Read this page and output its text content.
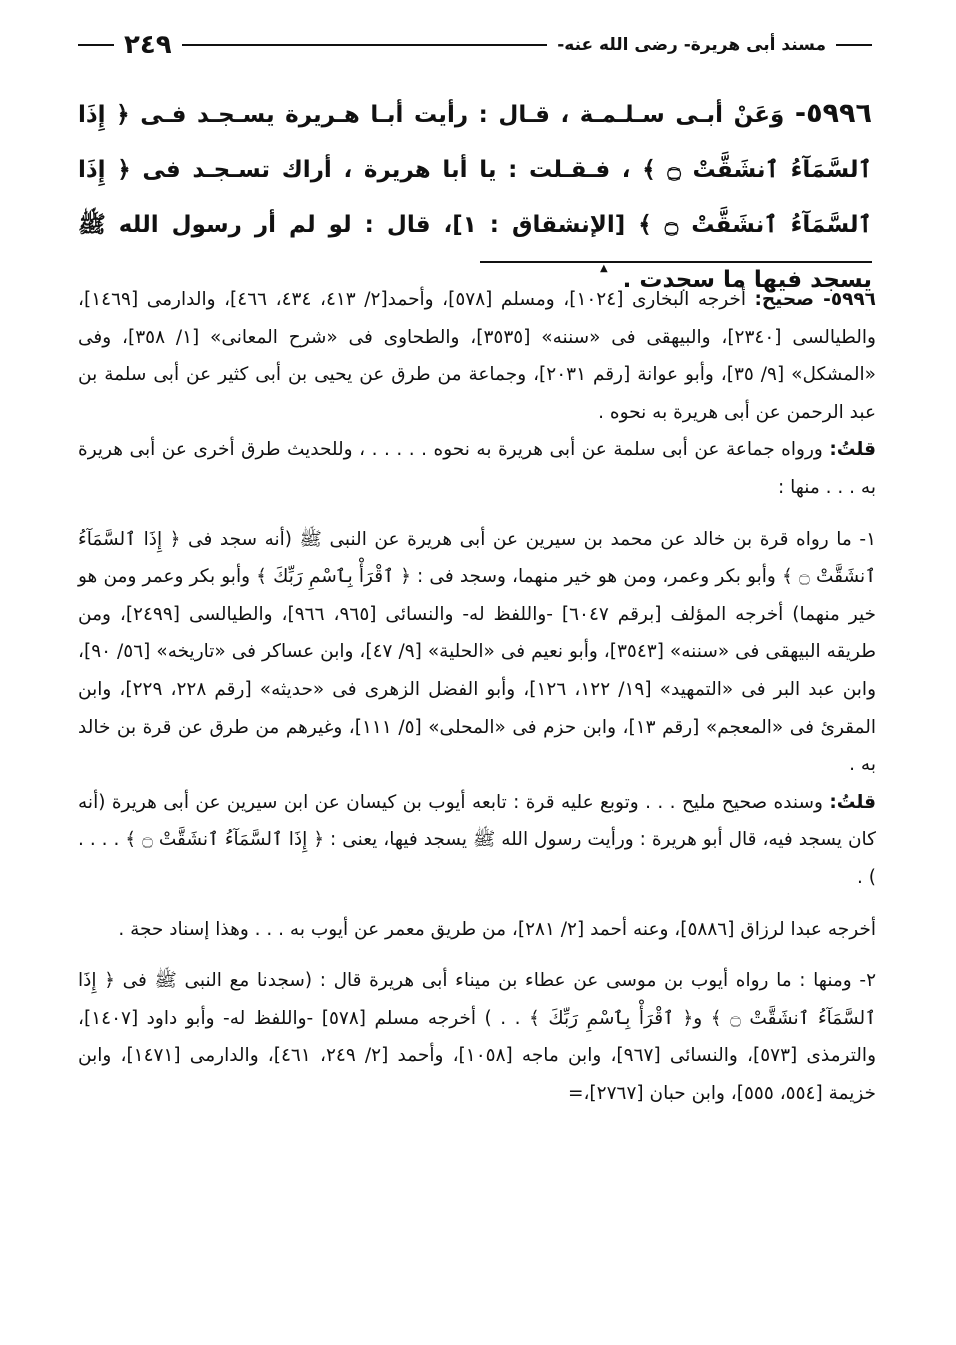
مسند أبى هريرة- رضى الله عنه-
٢٤٩
٥٩٩٦- وَعَنْ أبـى سـلـمـة ، قـال : رأيت أبـا هـريرة يسـجـد فـى ﴿ إِذَا ٱلسَّمَآءُ ٱنشَقَّتْ ۝ ﴾ ، فـقـلت : يا أبا هريرة ، أراك تسـجـد فى ﴿ إِذَا ٱلسَّمَآءُ ٱنشَقَّتْ ۝ ﴾ [الإنشقاق : ١]، قال : لو لم أر رسول الله ﷺ يسجد فيها ما سجدت .
▲

٥٩٩٦- صحيح: أخرجه البخارى [١٠٢٤]، ومسلم [٥٧٨]، وأحمد[٢/ ٤١٣، ٤٣٤، ٤٦٦]، والدارمى [١٤٦٩]، والطيالسى [٢٣٤٠]، والبيهقى فى «سننه» [٣٥٣٥]، والطحاوى فى «شرح المعانى» [١/ ٣٥٨]، وفى «المشكل» [٩/ ٣٥]، وأبو عوانة [رقم ٢٠٣١]، وجماعة من طرق عن يحيى بن أبى كثير عن أبى سلمة بن عبد الرحمن عن أبى هريرة به نحوه .

قلتُ: ورواه جماعة عن أبى سلمة عن أبى هريرة به نحوه . . . . . ، وللحديث طرق أخرى عن أبى هريرة به . . . منها :

١- ما رواه قرة بن خالد عن محمد بن سيرين عن أبى هريرة عن النبى ﷺ (أنه سجد فى ﴿ إِذَا ٱلسَّمَآءُ ٱنشَقَّتْ ۝ ﴾ وأبو بكر وعمر، ومن هو خير منهما، وسجد فى : ﴿ ٱقْرَأْ بِٱسْمِ رَبِّكَ ﴾ وأبو بكر وعمر ومن هو خير منهما) أخرجه المؤلف [برقم ٦٠٤٧] -واللفظ له- والنسائى [٩٦٥، ٩٦٦]، والطيالسى [٢٤٩٩]، ومن طريقه البيهقى فى «سننه» [٣٥٤٣]، وأبو نعيم فى «الحلية» [٩/ ٤٧]، وابن عساكر فى «تاريخه» [٥٦/ ٩٠]، وابن عبد البر فى «التمهيد» [١٩/ ١٢٢، ١٢٦]، وأبو الفضل الزهرى فى «حديثه» [رقم ٢٢٨، ٢٢٩]، وابن المقرئ فى «المعجم» [رقم ١٣]، وابن حزم فى «المحلى» [٥/ ١١١]، وغيرهم من طرق عن قرة بن خالد به .

قلتُ: وسنده صحيح مليح . . . وتوبع عليه قرة : تابعه أيوب بن كيسان عن ابن سيرين عن أبى هريرة (أنه كان يسجد فيه، قال أبو هريرة : ورأيت رسول الله ﷺ يسجد فيها، يعنى : ﴿ إِذَا ٱلسَّمَآءُ ٱنشَقَّتْ ۝ ﴾ . . . . ) .

أخرجه عبدا لرزاق [٥٨٨٦]، وعنه أحمد [٢/ ٢٨١]، من طريق معمر عن أيوب به . . . وهذا إسناد حجة .

٢- ومنها : ما رواه أيوب بن موسى عن عطاء بن ميناء أبى هريرة قال : (سجدنا مع النبى ﷺ فى ﴿ إِذَا ٱلسَّمَآءُ ٱنشَقَّتْ ۝ ﴾ و﴿ ٱقْرَأْ بِٱسْمِ رَبِّكَ ﴾ . . ) أخرجه مسلم [٥٧٨] -واللفظ له- وأبو داود [١٤٠٧]، والترمذى [٥٧٣]، والنسائى [٩٦٧]، وابن ماجه [١٠٥٨]، وأحمد [٢/ ٢٤٩، ٤٦١]، والدارمى [١٤٧١]، وابن خزيمة [٥٥٤، ٥٥٥]، وابن حبان [٢٧٦٧]،=
